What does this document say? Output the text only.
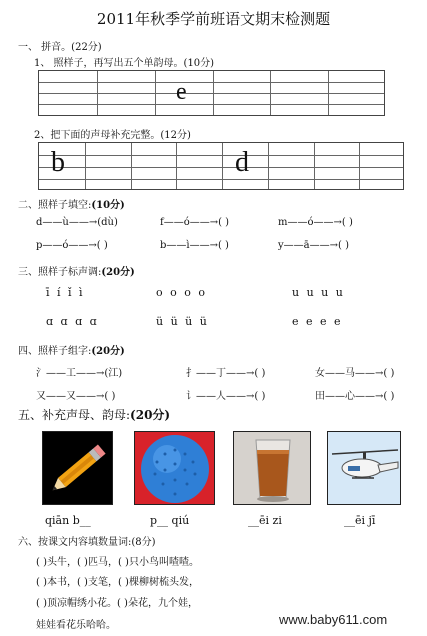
2011年秋季学前班语文期末检测题
一、 拼音。(22分)
1、 照样子，再写出五个单韵母。(10分)
e
2、把下面的声母补充完整。(12分)
b	d
二、照样子填空:(10分)
d——ù——→(dù)	f——ó——→( )	m——ó——→( )
p——ó——→( )	b——ì——→( )	y——ā——→( )
三、照样子标声调:(20分)
ī í ǐ ì	o o o o	u u u u
ɑ ɑ ɑ ɑ	ü ü ü ü	e e e e
四、照样子组字:(20分)
氵——工——→(江)	扌——丁——→( )	女——马——→( )
又——又——→( )	讠——人——→( )	田——心——→( )
五、补充声母、韵母:(20分)
qiān b__	p__ qiú	__ēi zi	__ēi jī
六、按课文内容填数量词:(8分)
( )头牛，( )匹马，( )只小鸟叫喳喳。
( )本书，( )支笔，( )棵柳树梳头发，
( )顶凉帽绣小花。( )朵花，九个娃，
娃娃看花乐哈哈。	www.baby611.com
